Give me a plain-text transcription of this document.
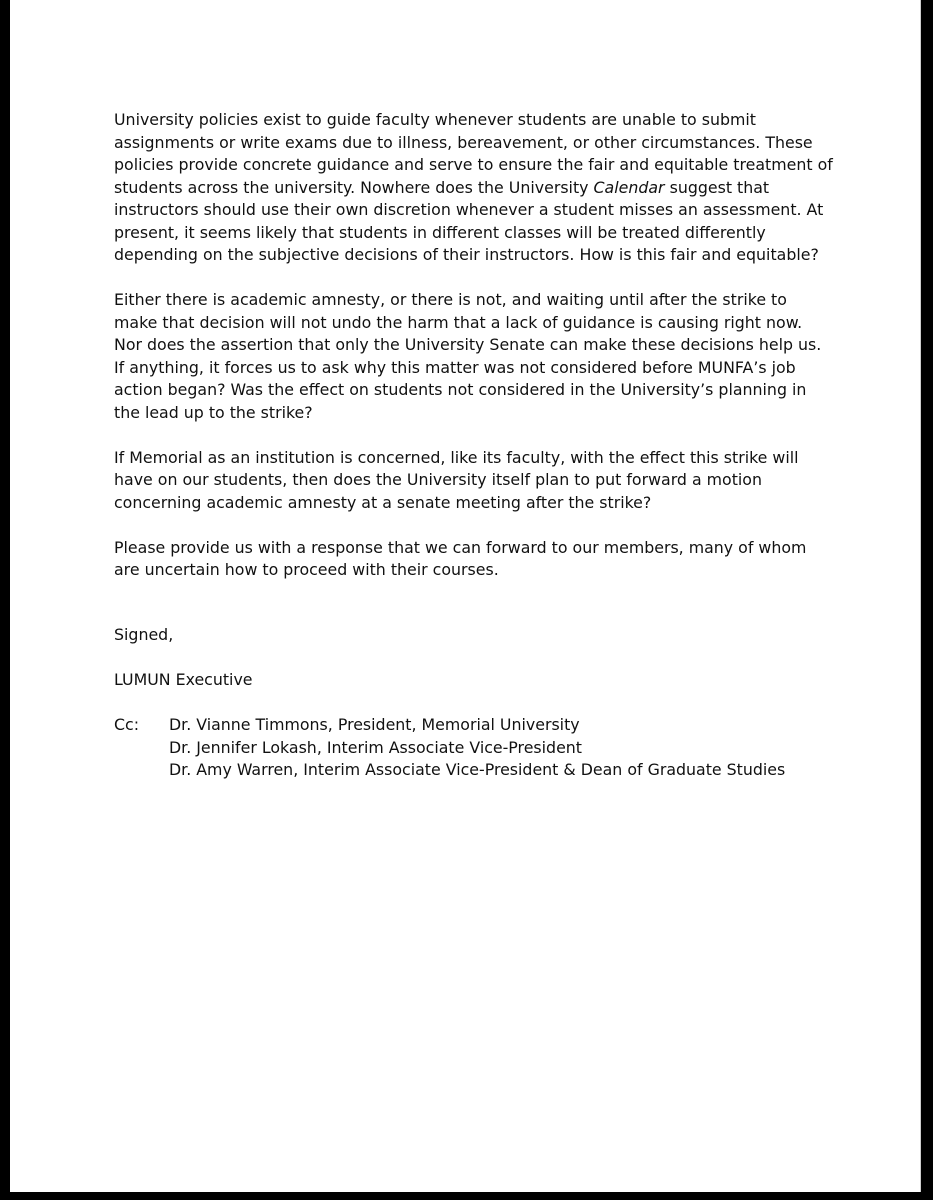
University policies exist to guide faculty whenever students are unable to submit assignments or write exams due to illness, bereavement, or other circumstances. These policies provide concrete guidance and serve to ensure the fair and equitable treatment of students across the university. Nowhere does the University Calendar suggest that instructors should use their own discretion whenever a student misses an assessment. At present, it seems likely that students in different classes will be treated differently depending on the subjective decisions of their instructors. How is this fair and equitable?

Either there is academic amnesty, or there is not, and waiting until after the strike to make that decision will not undo the harm that a lack of guidance is causing right now. Nor does the assertion that only the University Senate can make these decisions help us. If anything, it forces us to ask why this matter was not considered before MUNFA’s job action began? Was the effect on students not considered in the University’s planning in the lead up to the strike?

If Memorial as an institution is concerned, like its faculty, with the effect this strike will have on our students, then does the University itself plan to put forward a motion concerning academic amnesty at a senate meeting after the strike?

Please provide us with a response that we can forward to our members, many of whom are uncertain how to proceed with their courses.

Signed,

LUMUN Executive

Cc:	Dr. Vianne Timmons, President, Memorial University
Dr. Jennifer Lokash, Interim Associate Vice-President
Dr. Amy Warren, Interim Associate Vice-President & Dean of Graduate Studies
